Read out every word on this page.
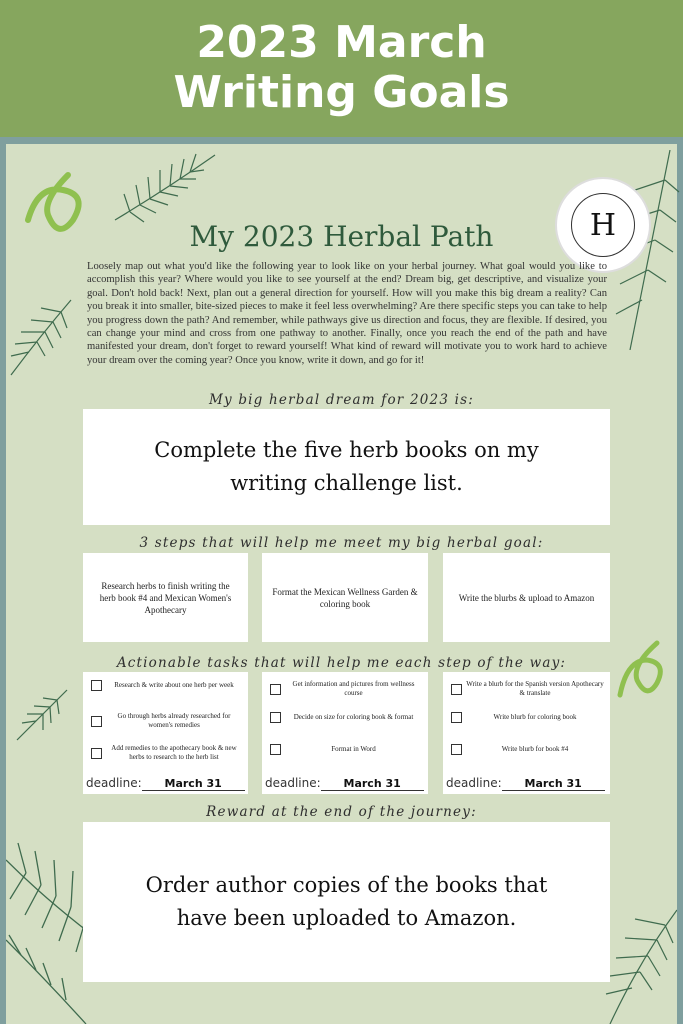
2023 March
Writing Goals
H
My 2023 Herbal Path
Loosely map out what you'd like the following year to look like on your herbal journey. What goal would you like to accomplish this year? Where would you like to see yourself at the end? Dream big, get descriptive, and visualize your goal. Don't hold back! Next, plan out a general direction for yourself. How will you make this big dream a reality? Can you break it into smaller, bite-sized pieces to make it feel less overwhelming? Are there specific steps you can take to help you progress down the path? And remember, while pathways give us direction and focus, they are flexible. If desired, you can change your mind and cross from one pathway to another. Finally, once you reach the end of the path and have manifested your dream, don't forget to reward yourself! What kind of reward will motivate you to work hard to achieve your dream over the coming year? Once you know, write it down, and go for it!
My big herbal dream for 2023 is:
Complete the five herb books on my writing challenge list.
3 steps that will help me meet my big herbal goal:
Research herbs to finish writing the herb book #4 and Mexican Women's Apothecary
Format the Mexican Wellness Garden & coloring book
Write the blurbs & upload to Amazon
Actionable tasks that will help me each step of the way:
Research & write about one herb per week
Go through herbs already researched for women's remedies
Add remedies to the apothecary book & new herbs to research to the herb list
deadline: March 31
Get information and pictures from wellness course
Decide on size for coloring book & format
Format in Word
deadline: March 31
Write a blurb for the Spanish version Apothecary & translate
Write blurb for coloring book
Write blurb for book #4
deadline: March 31
Reward at the end of the journey:
Order author copies of the books that have been uploaded to Amazon.
